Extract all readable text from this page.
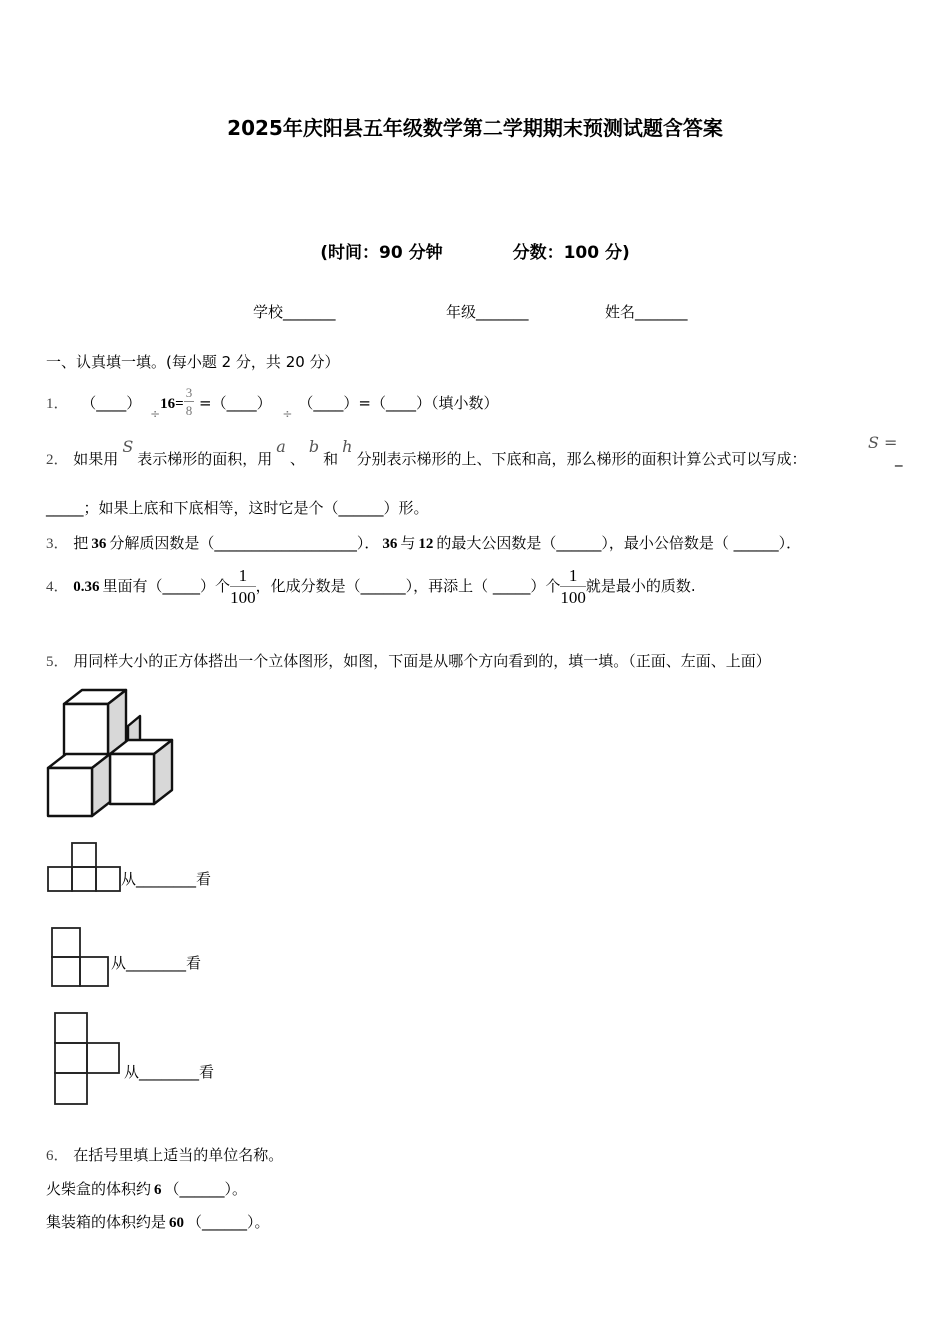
2025年庆阳县五年级数学第二学期期末预测试题含答案
(时间：90 分钟	分数：100 分)
学校_______	年级_______	姓名_______
一、认真填一填。(每小题 2 分，共 20 分）
1． （____） $_\div 16= \frac{3}{8}$ =（____） $_\div$（____）=（____）（填小数）
2． 如果用S表示梯形的面积，用a、b和h分别表示梯形的上、下底和高，那么梯形的面积计算公式可以写成：
S =
_
_____；如果上底和下底相等，这时它是个（______）形。
3． 把 36 分解质因数是（___________________）． 36 与 12 的最大公因数是（______），最小公倍数是（ ______）．
4． 0.36 里面有（_____）个 $\frac{1}{100}$ ，化成分数是（______），再添上（ _____）个 $\frac{1}{100}$ 就是最小的质数.
5． 用同样大小的正方体搭出一个立体图形，如图，下面是从哪个方向看到的，填一填。（正面、左面、上面）
从________看
从________看
从________看
6． 在括号里填上适当的单位名称。
火柴盒的体积约 6 （______）。
集装箱的体积约是 60 （______）。
